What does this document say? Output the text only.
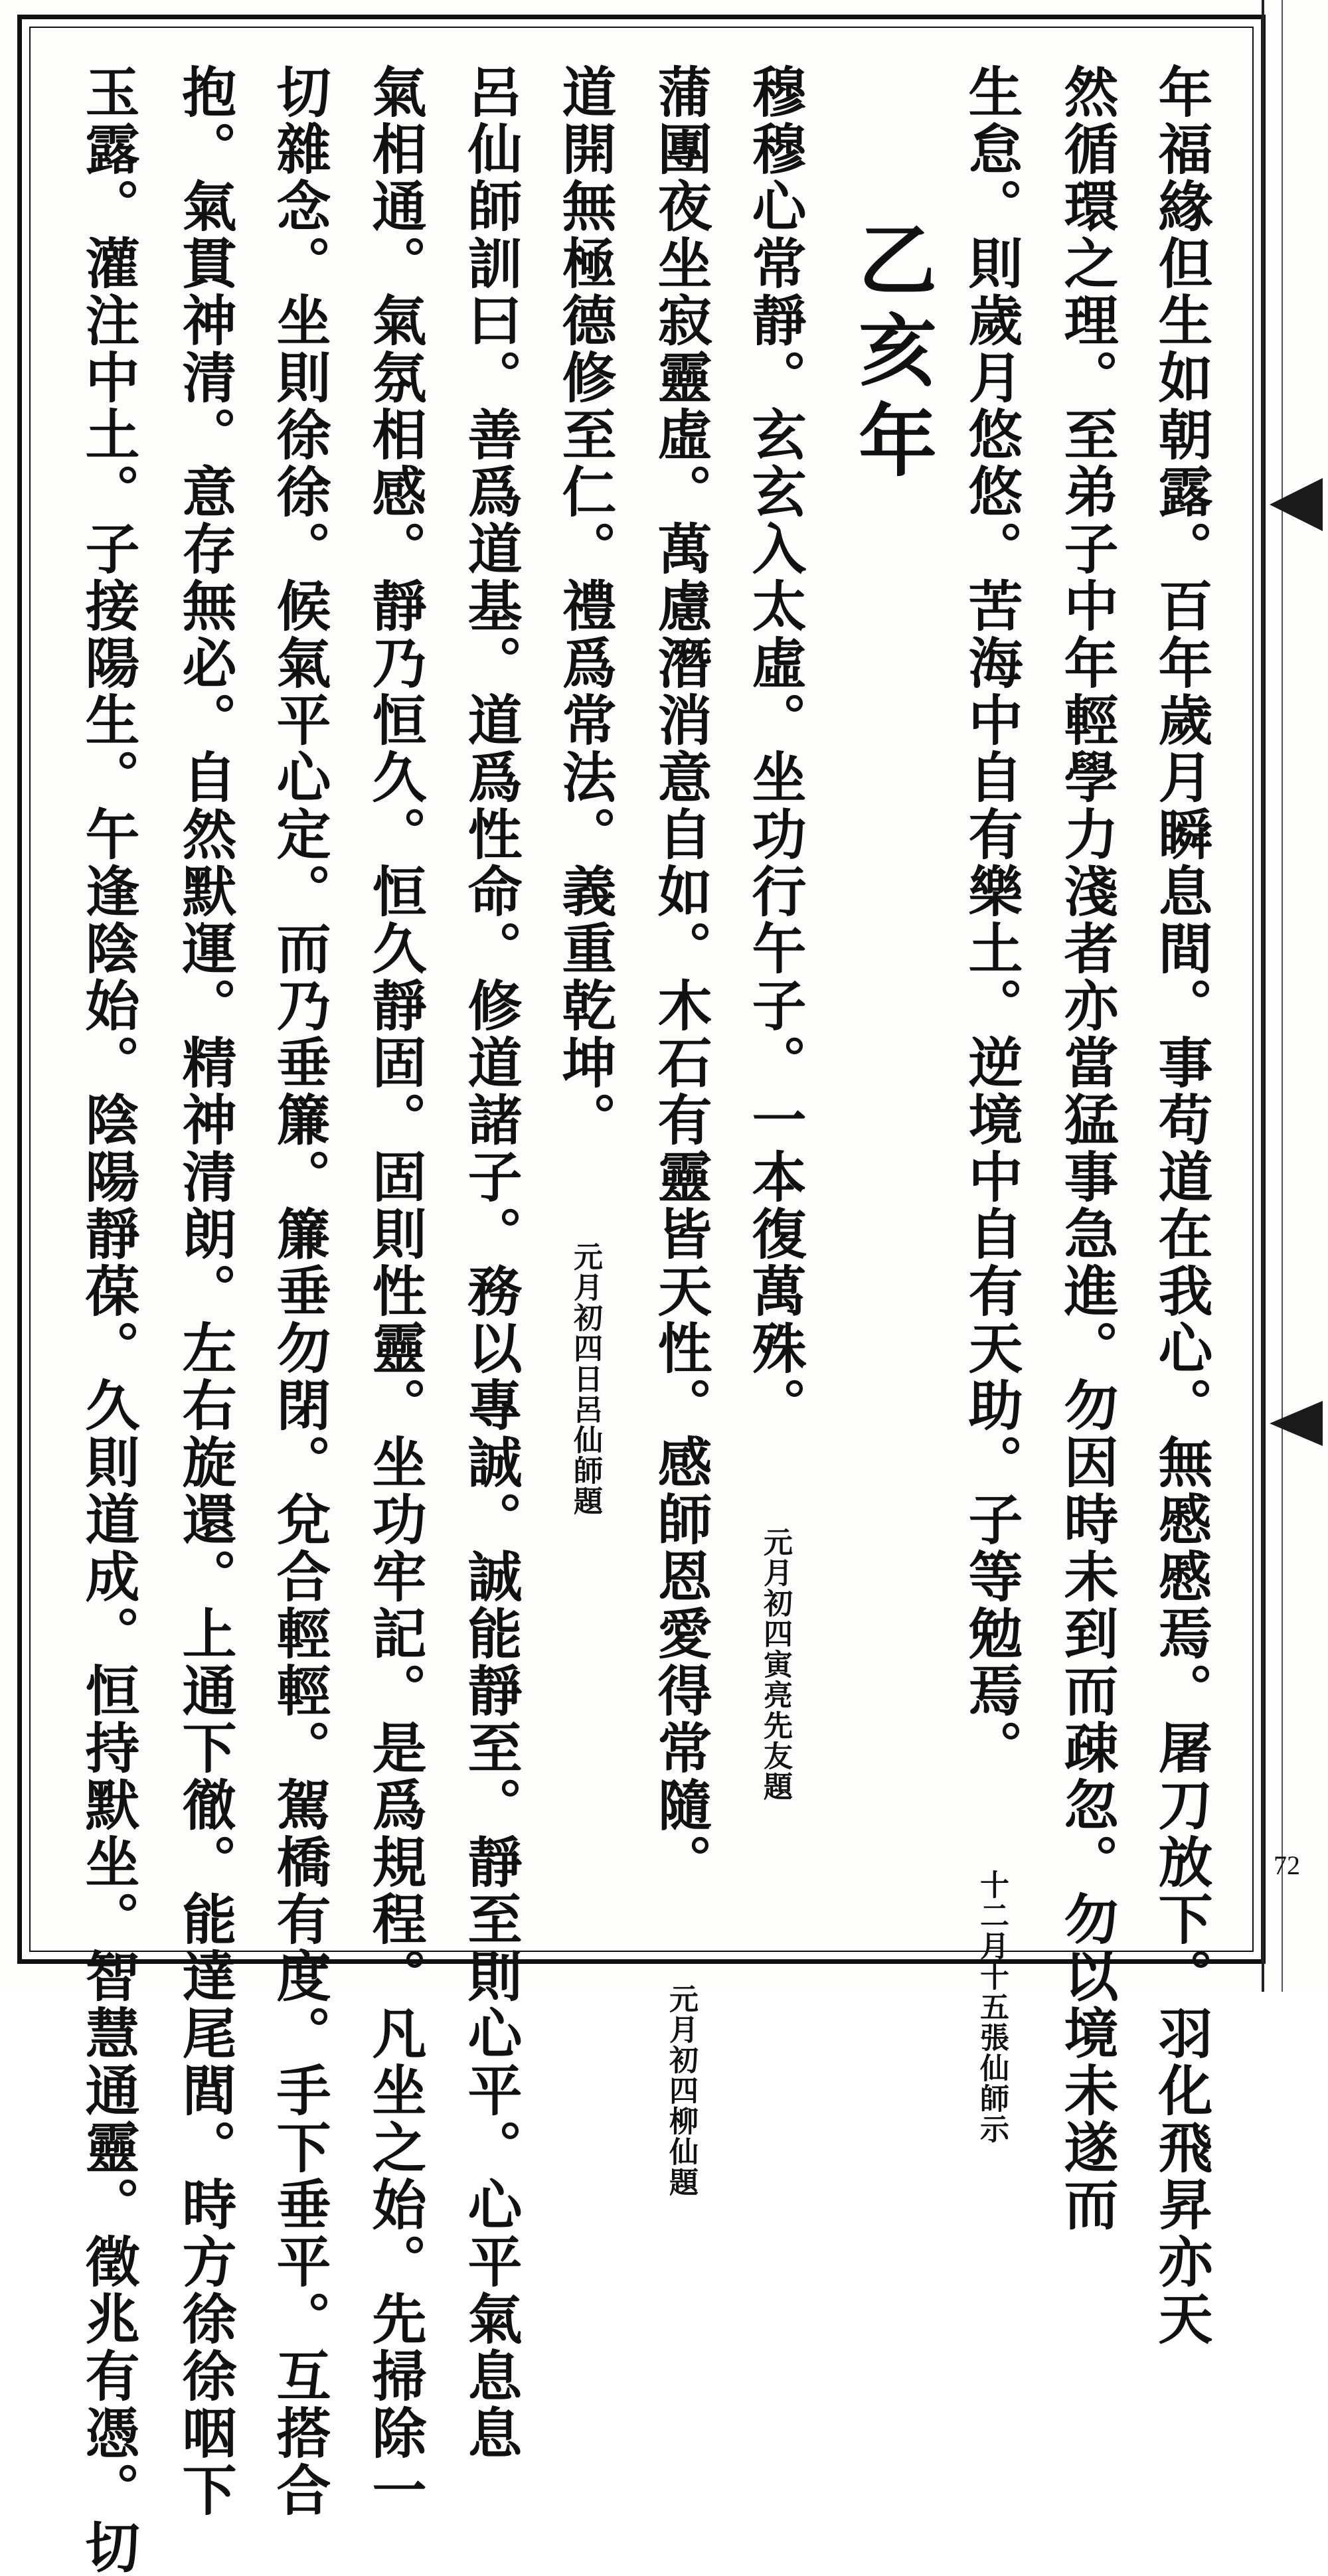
年福緣但生如朝露。百年歲月瞬息間。事苟道在我心。無慼慼焉。屠刀放下。羽化飛昇亦天
然循環之理。至弟子中年輕學力淺者亦當猛事急進。勿因時未到而疎忽。勿以境未遂而
生怠。則歲月悠悠。苦海中自有樂土。逆境中自有天助。子等勉焉。 十二月十五張仙師示
乙亥年
穆穆心常靜。玄玄入太虛。坐功行午子。一本復萬殊。 元月初四寅亮先友題
蒲團夜坐寂靈虛。萬慮潛消意自如。木石有靈皆天性。感師恩愛得常隨。 元月初四柳仙題
道開無極德修至仁。禮爲常法。義重乾坤。 元月初四日呂仙師題
呂仙師訓曰。善爲道基。道爲性命。修道諸子。務以專誠。誠能靜至。靜至則心平。心平氣息息
氣相通。氣氛相感。靜乃恒久。恒久靜固。固則性靈。坐功牢記。是爲規程。凡坐之始。先掃除一
切雜念。坐則徐徐。候氣平心定。而乃垂簾。簾垂勿閉。兌合輕輕。駕橋有度。手下垂平。互搭合
抱。氣貫神清。意存無必。自然默運。精神清朗。左右旋還。上通下徹。能達尾閭。時方徐徐咽下
玉露。灌注中土。子接陽生。午逢陰始。陰陽靜葆。久則道成。恒持默坐。智慧通靈。徵兆有憑。切	72
